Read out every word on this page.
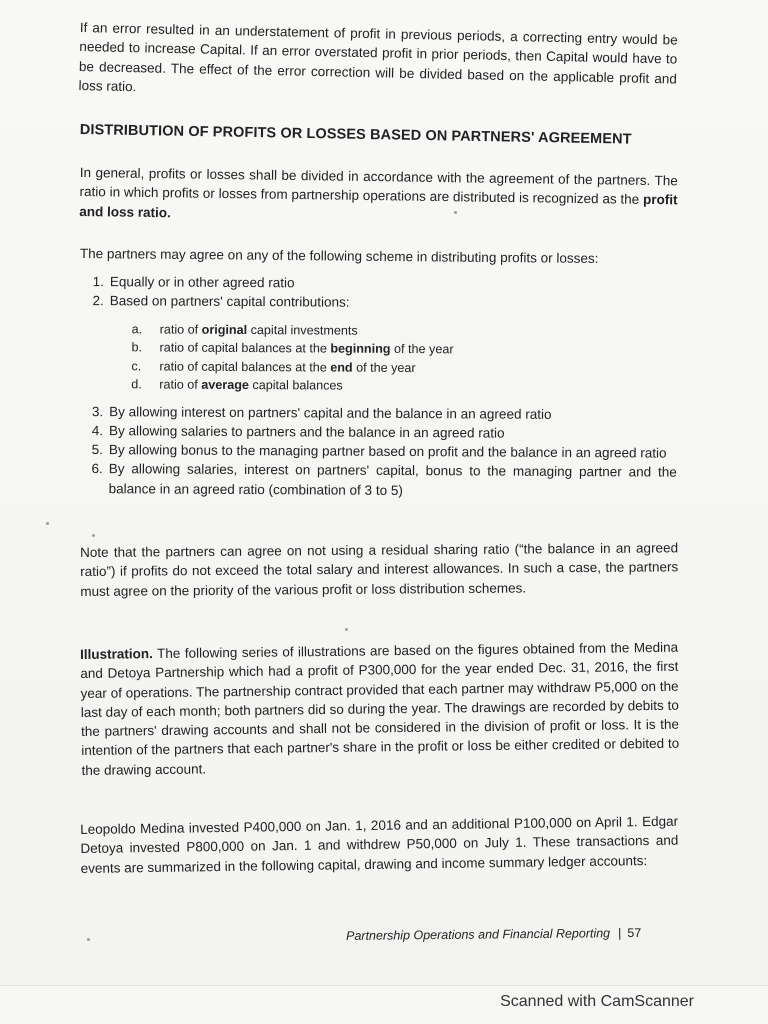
If an error resulted in an understatement of profit in previous periods, a correcting entry would be needed to increase Capital. If an error overstated profit in prior periods, then Capital would have to be decreased. The effect of the error correction will be divided based on the applicable profit and loss ratio.

DISTRIBUTION OF PROFITS OR LOSSES BASED ON PARTNERS' AGREEMENT

In general, profits or losses shall be divided in accordance with the agreement of the partners. The ratio in which profits or losses from partnership operations are distributed is recognized as the profit and loss ratio.

The partners may agree on any of the following scheme in distributing profits or losses:

1. Equally or in other agreed ratio
2. Based on partners' capital contributions:
a. ratio of original capital investments
b. ratio of capital balances at the beginning of the year
c. ratio of capital balances at the end of the year
d. ratio of average capital balances
3. By allowing interest on partners' capital and the balance in an agreed ratio
4. By allowing salaries to partners and the balance in an agreed ratio
5. By allowing bonus to the managing partner based on profit and the balance in an agreed ratio
6. By allowing salaries, interest on partners' capital, bonus to the managing partner and the balance in an agreed ratio (combination of 3 to 5)

Note that the partners can agree on not using a residual sharing ratio (“the balance in an agreed ratio”) if profits do not exceed the total salary and interest allowances. In such a case, the partners must agree on the priority of the various profit or loss distribution schemes.

Illustration. The following series of illustrations are based on the figures obtained from the Medina and Detoya Partnership which had a profit of P300,000 for the year ended Dec. 31, 2016, the first year of operations. The partnership contract provided that each partner may withdraw P5,000 on the last day of each month; both partners did so during the year. The drawings are recorded by debits to the partners' drawing accounts and shall not be considered in the division of profit or loss. It is the intention of the partners that each partner's share in the profit or loss be either credited or debited to the drawing account.

Leopoldo Medina invested P400,000 on Jan. 1, 2016 and an additional P100,000 on April 1. Edgar Detoya invested P800,000 on Jan. 1 and withdrew P50,000 on July 1. These transactions and events are summarized in the following capital, drawing and income summary ledger accounts:

Partnership Operations and Financial Reporting | 57
Scanned with CamScanner
